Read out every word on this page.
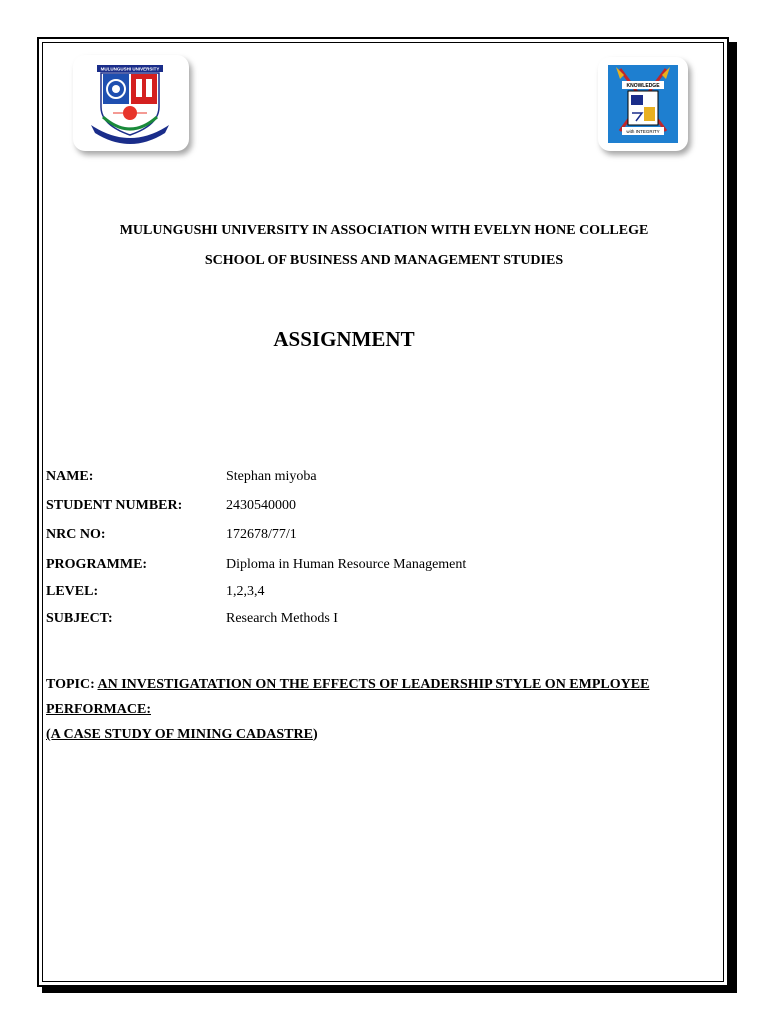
MULUNGUSHI UNIVERSITY
KNOWLEDGE
with INTEGRITY
MULUNGUSHI UNIVERSITY IN ASSOCIATION WITH EVELYN HONE COLLEGE
SCHOOL OF BUSINESS AND MANAGEMENT STUDIES
ASSIGNMENT
NAME:	Stephan miyoba
STUDENT NUMBER:	2430540000
NRC NO:	172678/77/1
PROGRAMME:	Diploma in Human Resource Management
LEVEL:	1,2,3,4
SUBJECT:	Research Methods I
TOPIC: AN INVESTIGATATION ON THE EFFECTS OF LEADERSHIP STYLE ON EMPLOYEE
PERFORMACE:
(A CASE STUDY OF MINING CADASTRE)
